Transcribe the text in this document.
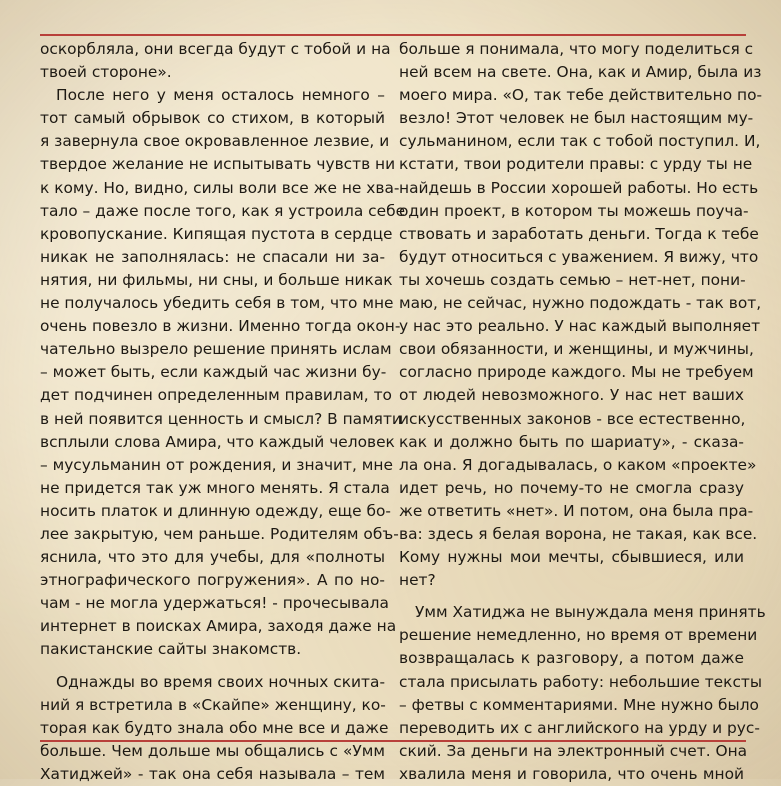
оскорбляла, они всегда будут с тобой и на
твоей стороне».
После него у меня осталось немного –
тот самый обрывок со стихом, в который
я завернула свое окровавленное лезвие, и
твердое желание не испытывать чувств ни
к кому. Но, видно, силы воли все же не хва-
тало – даже после того, как я устроила себе
кровопускание. Кипящая пустота в сердце
никак не заполнялась: не спасали ни за-
нятия, ни фильмы, ни сны, и больше никак
не получалось убедить себя в том, что мне
очень повезло в жизни. Именно тогда окон-
чательно вызрело решение принять ислам
– может быть, если каждый час жизни бу-
дет подчинен определенным правилам, то
в ней появится ценность и смысл? В памяти
всплыли слова Амира, что каждый человек
– мусульманин от рождения, и значит, мне
не придется так уж много менять. Я стала
носить платок и длинную одежду, еще бо-
лее закрытую, чем раньше. Родителям объ-
яснила, что это для учебы, для «полноты
этнографического погружения». А по но-
чам - не могла удержаться! - прочесывала
интернет в поисках Амира, заходя даже на
пакистанские сайты знакомств.
Однажды во время своих ночных скита-
ний я встретила в «Скайпе» женщину, ко-
торая как будто знала обо мне все и даже
больше. Чем дольше мы общались с «Умм
Хатиджей» - так она себя называла – тем
больше я понимала, что могу поделиться с
ней всем на свете. Она, как и Амир, была из
моего мира. «О, так тебе действительно по-
везло! Этот человек не был настоящим му-
сульманином, если так с тобой поступил. И,
кстати, твои родители правы: с урду ты не
найдешь в России хорошей работы. Но есть
один проект, в котором ты можешь поуча-
ствовать и заработать деньги. Тогда к тебе
будут относиться с уважением. Я вижу, что
ты хочешь создать семью – нет-нет, пони-
маю, не сейчас, нужно подождать - так вот,
у нас это реально. У нас каждый выполняет
свои обязанности, и женщины, и мужчины,
согласно природе каждого. Мы не требуем
от людей невозможного. У нас нет ваших
искусственных законов - все естественно,
как и должно быть по шариату», - сказа-
ла она. Я догадывалась, о каком «проекте»
идет речь, но почему-то не смогла сразу
же ответить «нет». И потом, она была пра-
ва: здесь я белая ворона, не такая, как все.
Кому нужны мои мечты, сбывшиеся, или
нет?
Умм Хатиджа не вынуждала меня принять
решение немедленно, но время от времени
возвращалась к разговору, а потом даже
стала присылать работу: небольшие тексты
– фетвы с комментариями. Мне нужно было
переводить их с английского на урду и рус-
ский. За деньги на электронный счет. Она
хвалила меня и говорила, что очень мной
